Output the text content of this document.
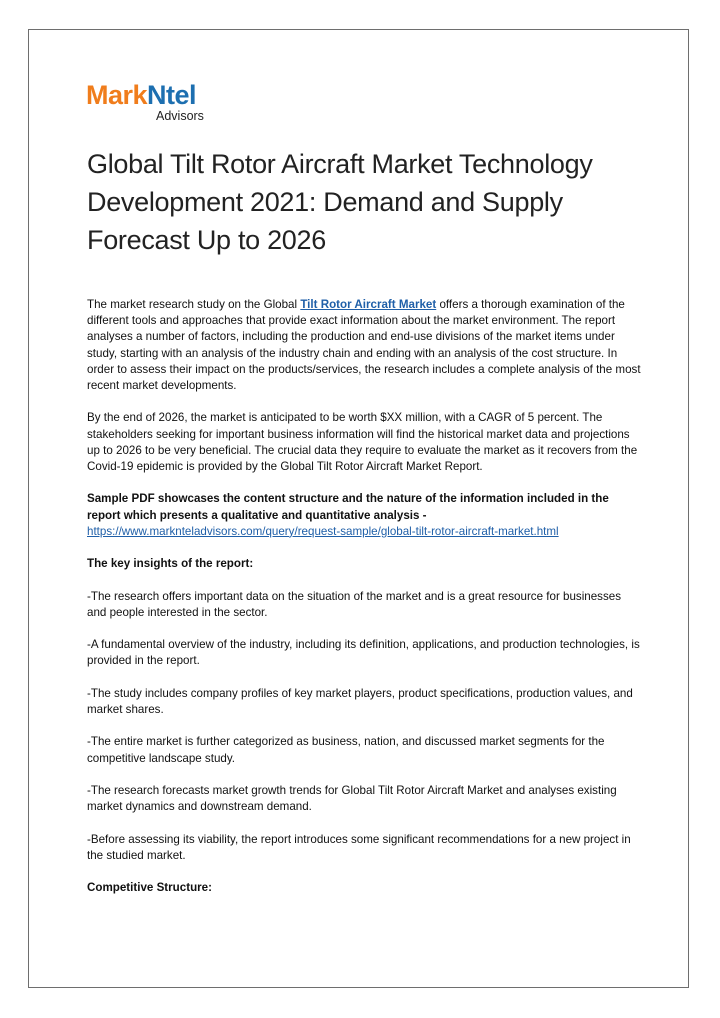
MarkNtel
Advisors
Global Tilt Rotor Aircraft Market Technology Development 2021: Demand and Supply Forecast Up to 2026

The market research study on the Global Tilt Rotor Aircraft Market offers a thorough examination of the different tools and approaches that provide exact information about the market environment. The report analyses a number of factors, including the production and end-use divisions of the market items under study, starting with an analysis of the industry chain and ending with an analysis of the cost structure. In order to assess their impact on the products/services, the research includes a complete analysis of the most recent market developments.

By the end of 2026, the market is anticipated to be worth $XX million, with a CAGR of 5 percent. The stakeholders seeking for important business information will find the historical market data and projections up to 2026 to be very beneficial. The crucial data they require to evaluate the market as it recovers from the Covid-19 epidemic is provided by the Global Tilt Rotor Aircraft Market Report.

Sample PDF showcases the content structure and the nature of the information included in the report which presents a qualitative and quantitative analysis -
https://www.marknteladvisors.com/query/request-sample/global-tilt-rotor-aircraft-market.html

The key insights of the report:

-The research offers important data on the situation of the market and is a great resource for businesses and people interested in the sector.

-A fundamental overview of the industry, including its definition, applications, and production technologies, is provided in the report.

-The study includes company profiles of key market players, product specifications, production values, and market shares.

-The entire market is further categorized as business, nation, and discussed market segments for the competitive landscape study.

-The research forecasts market growth trends for Global Tilt Rotor Aircraft Market and analyses existing market dynamics and downstream demand.

-Before assessing its viability, the report introduces some significant recommendations for a new project in the studied market.

Competitive Structure:
